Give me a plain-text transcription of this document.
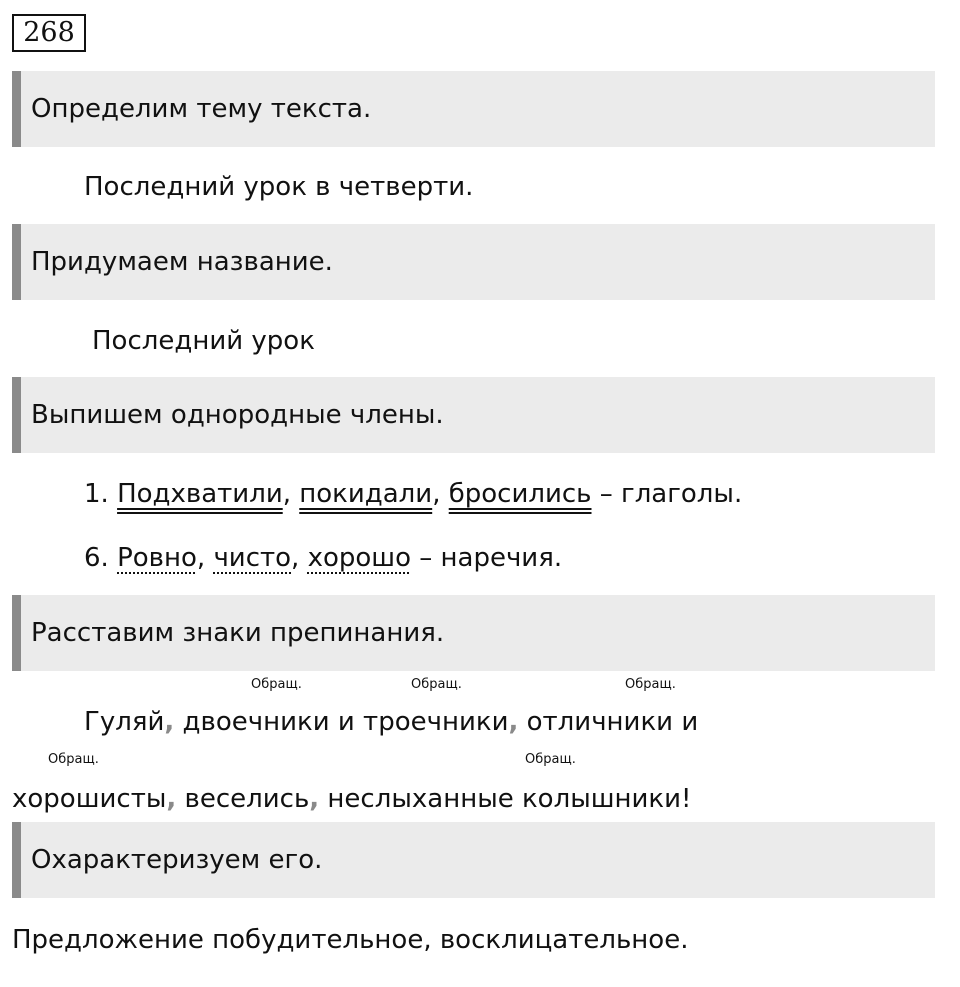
268
Определим тему текста.
Последний урок в четверти.
Придумаем название.
Последний урок
Выпишем однородные члены.
1. Подхватили, покидали, бросились – глаголы.
6. Ровно, чисто, хорошо – наречия.
Расставим знаки препинания.
Обращ.	Обращ.	Обращ.
Гуляй, двоечники и троечники, отличники и
Обращ.	Обращ.
хорошисты, веселись, неслыханные колышники!
Охарактеризуем его.
Предложение побудительное, восклицательное.
